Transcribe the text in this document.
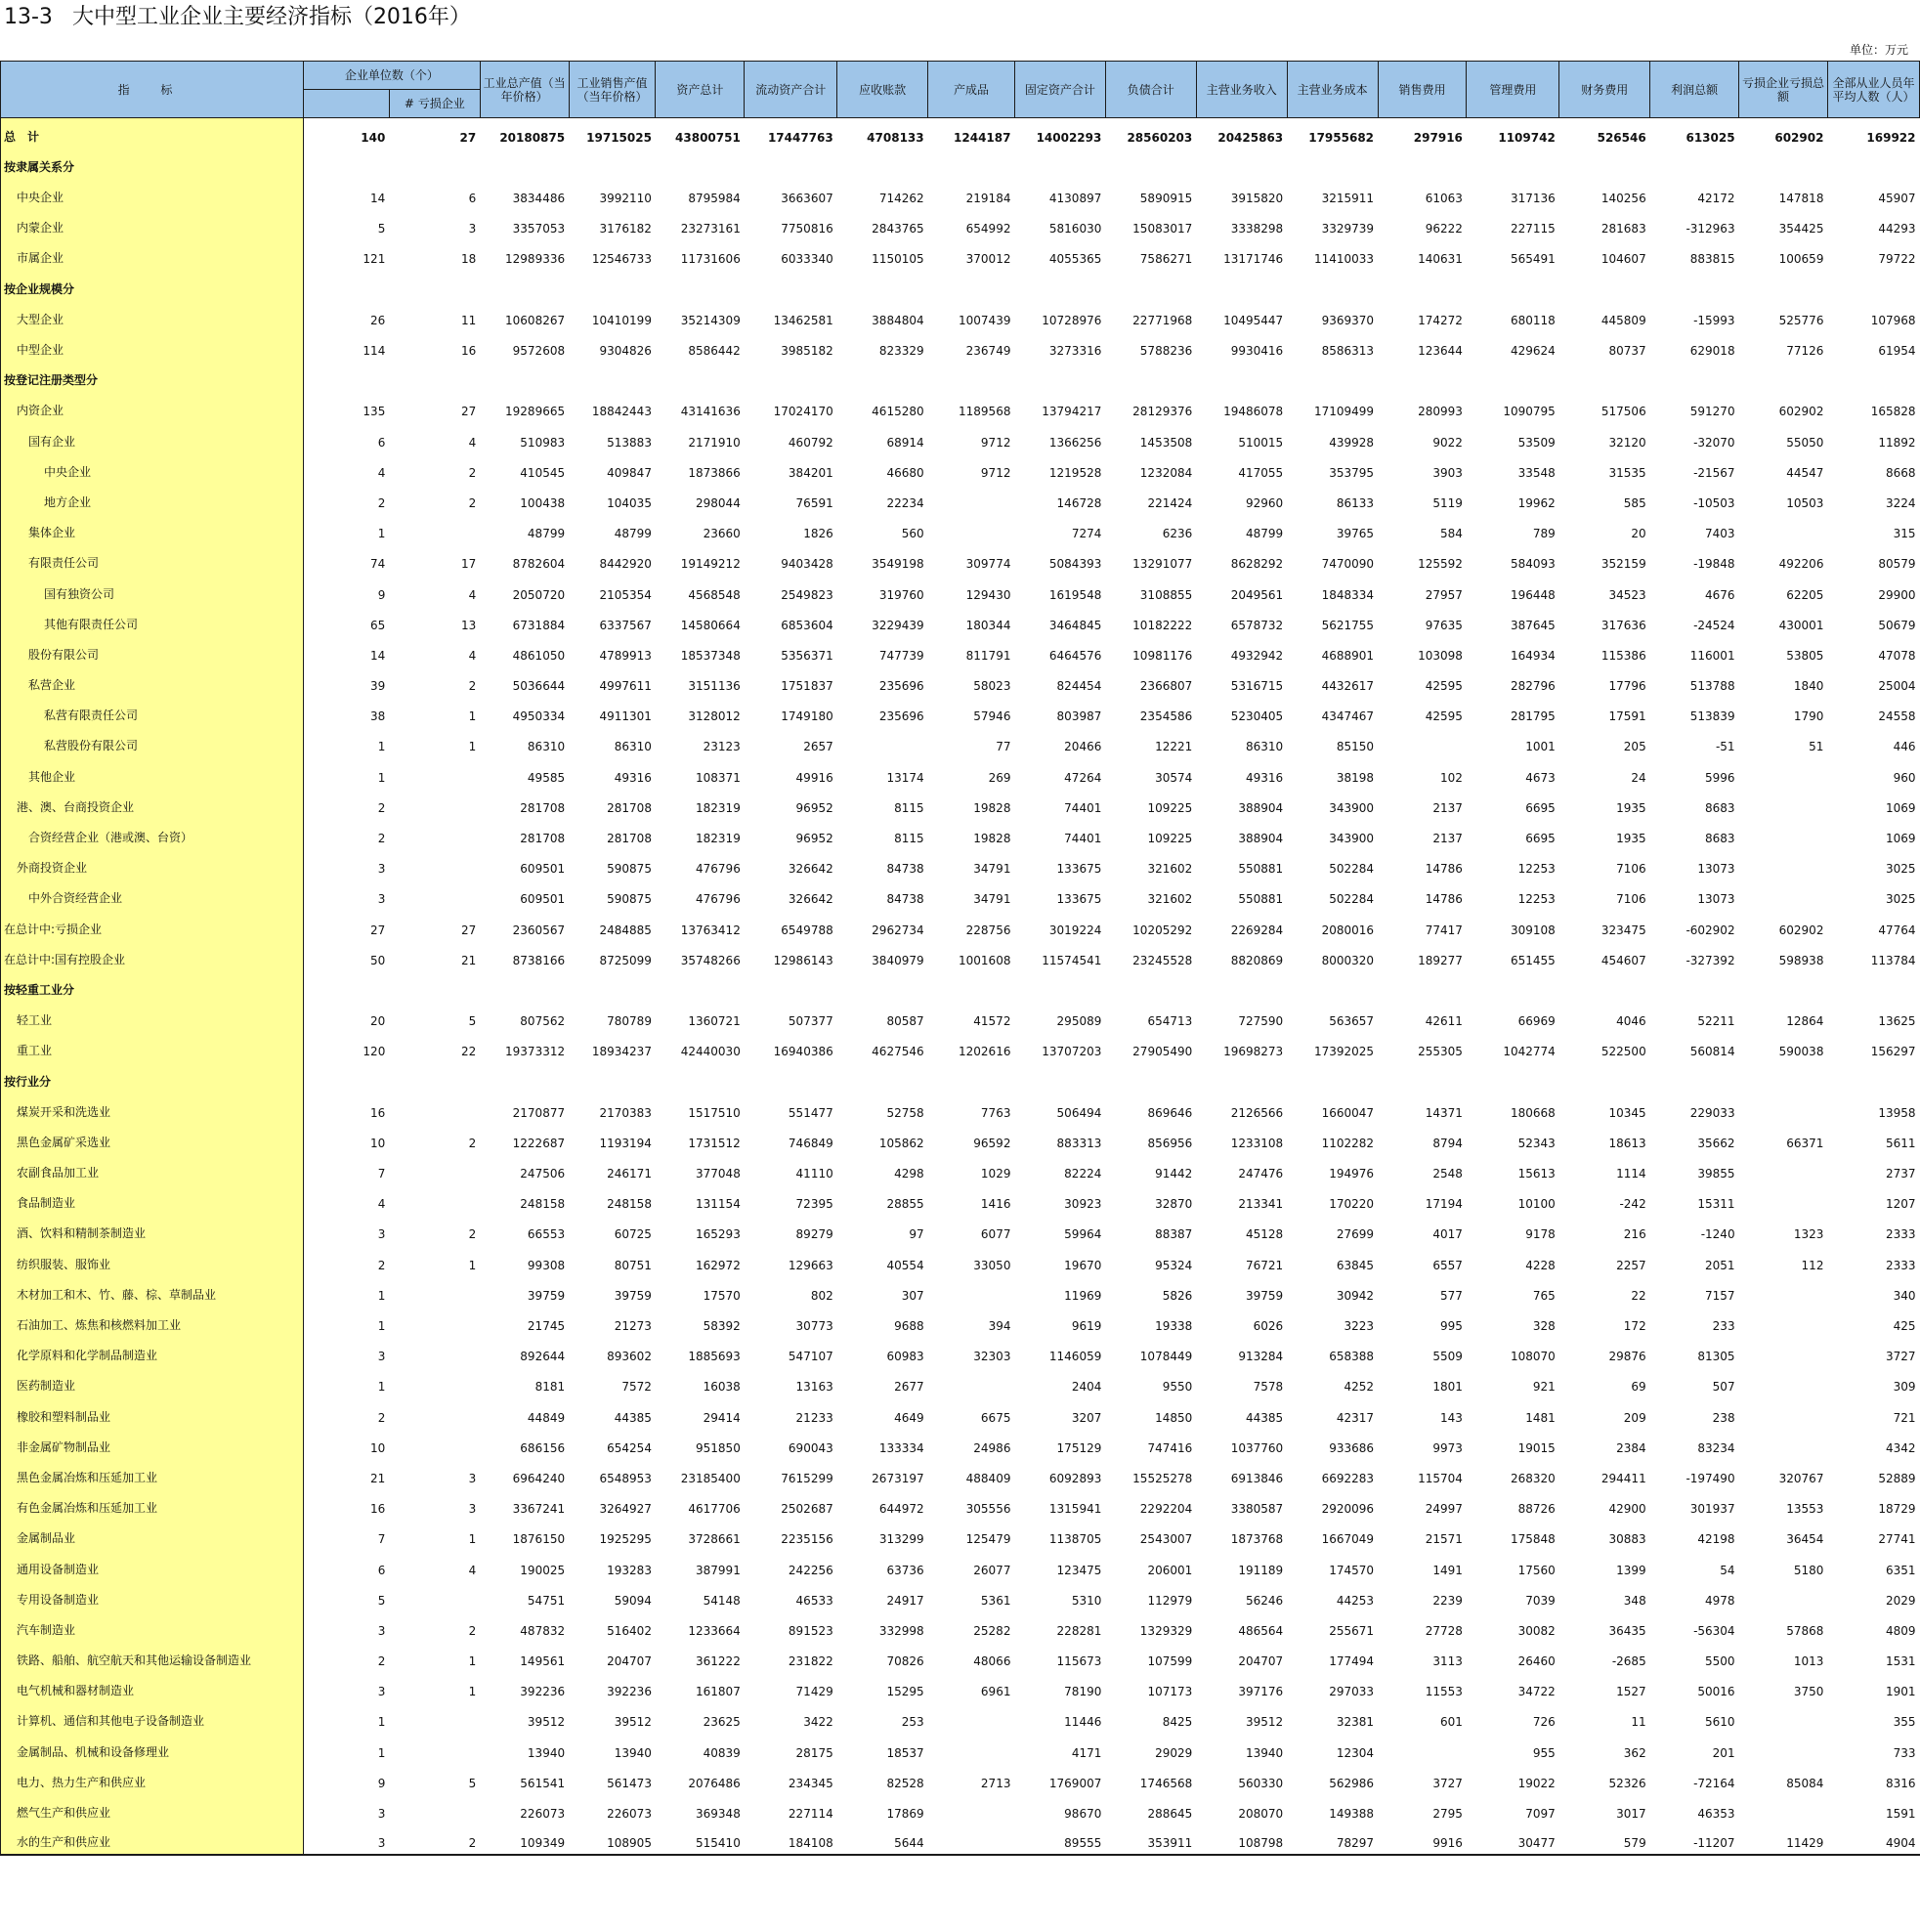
13-3 大中型工业企业主要经济指标（2016年）
单位：万元
指 标	企业单位数（个）		工业总产值（当年价格）	工业销售产值（当年价格）	资产总计	流动资产合计	应收账款	产成品	固定资产合计	负债合计	主营业务收入	主营业务成本	销售费用	管理费用	财务费用	利润总额	亏损企业亏损总额	全部从业人员年平均人数（人）
		# 亏损企业																
总　计	140	27	20180875	19715025	43800751	17447763	4708133	1244187	14002293	28560203	20425863	17955682	297916	1109742	526546	613025	602902	169922
按隶属关系分																		
中央企业	14	6	3834486	3992110	8795984	3663607	714262	219184	4130897	5890915	3915820	3215911	61063	317136	140256	42172	147818	45907
内蒙企业	5	3	3357053	3176182	23273161	7750816	2843765	654992	5816030	15083017	3338298	3329739	96222	227115	281683	-312963	354425	44293
市属企业	121	18	12989336	12546733	11731606	6033340	1150105	370012	4055365	7586271	13171746	11410033	140631	565491	104607	883815	100659	79722
按企业规模分																		
大型企业	26	11	10608267	10410199	35214309	13462581	3884804	1007439	10728976	22771968	10495447	9369370	174272	680118	445809	-15993	525776	107968
中型企业	114	16	9572608	9304826	8586442	3985182	823329	236749	3273316	5788236	9930416	8586313	123644	429624	80737	629018	77126	61954
按登记注册类型分																		
内资企业	135	27	19289665	18842443	43141636	17024170	4615280	1189568	13794217	28129376	19486078	17109499	280993	1090795	517506	591270	602902	165828
国有企业	6	4	510983	513883	2171910	460792	68914	9712	1366256	1453508	510015	439928	9022	53509	32120	-32070	55050	11892
中央企业	4	2	410545	409847	1873866	384201	46680	9712	1219528	1232084	417055	353795	3903	33548	31535	-21567	44547	8668
地方企业	2	2	100438	104035	298044	76591	22234		146728	221424	92960	86133	5119	19962	585	-10503	10503	3224
集体企业	1		48799	48799	23660	1826	560		7274	6236	48799	39765	584	789	20	7403		315
有限责任公司	74	17	8782604	8442920	19149212	9403428	3549198	309774	5084393	13291077	8628292	7470090	125592	584093	352159	-19848	492206	80579
国有独资公司	9	4	2050720	2105354	4568548	2549823	319760	129430	1619548	3108855	2049561	1848334	27957	196448	34523	4676	62205	29900
其他有限责任公司	65	13	6731884	6337567	14580664	6853604	3229439	180344	3464845	10182222	6578732	5621755	97635	387645	317636	-24524	430001	50679
股份有限公司	14	4	4861050	4789913	18537348	5356371	747739	811791	6464576	10981176	4932942	4688901	103098	164934	115386	116001	53805	47078
私营企业	39	2	5036644	4997611	3151136	1751837	235696	58023	824454	2366807	5316715	4432617	42595	282796	17796	513788	1840	25004
私营有限责任公司	38	1	4950334	4911301	3128012	1749180	235696	57946	803987	2354586	5230405	4347467	42595	281795	17591	513839	1790	24558
私营股份有限公司	1	1	86310	86310	23123	2657		77	20466	12221	86310	85150		1001	205	-51	51	446
其他企业	1		49585	49316	108371	49916	13174	269	47264	30574	49316	38198	102	4673	24	5996		960
港、澳、台商投资企业	2		281708	281708	182319	96952	8115	19828	74401	109225	388904	343900	2137	6695	1935	8683		1069
合资经营企业（港或澳、台资）	2		281708	281708	182319	96952	8115	19828	74401	109225	388904	343900	2137	6695	1935	8683		1069
外商投资企业	3		609501	590875	476796	326642	84738	34791	133675	321602	550881	502284	14786	12253	7106	13073		3025
中外合资经营企业	3		609501	590875	476796	326642	84738	34791	133675	321602	550881	502284	14786	12253	7106	13073		3025
在总计中:亏损企业	27	27	2360567	2484885	13763412	6549788	2962734	228756	3019224	10205292	2269284	2080016	77417	309108	323475	-602902	602902	47764
在总计中:国有控股企业	50	21	8738166	8725099	35748266	12986143	3840979	1001608	11574541	23245528	8820869	8000320	189277	651455	454607	-327392	598938	113784
按轻重工业分																		
轻工业	20	5	807562	780789	1360721	507377	80587	41572	295089	654713	727590	563657	42611	66969	4046	52211	12864	13625
重工业	120	22	19373312	18934237	42440030	16940386	4627546	1202616	13707203	27905490	19698273	17392025	255305	1042774	522500	560814	590038	156297
按行业分																		
煤炭开采和洗选业	16		2170877	2170383	1517510	551477	52758	7763	506494	869646	2126566	1660047	14371	180668	10345	229033		13958
黑色金属矿采选业	10	2	1222687	1193194	1731512	746849	105862	96592	883313	856956	1233108	1102282	8794	52343	18613	35662	66371	5611
农副食品加工业	7		247506	246171	377048	41110	4298	1029	82224	91442	247476	194976	2548	15613	1114	39855		2737
食品制造业	4		248158	248158	131154	72395	28855	1416	30923	32870	213341	170220	17194	10100	-242	15311		1207
酒、饮料和精制茶制造业	3	2	66553	60725	165293	89279	97	6077	59964	88387	45128	27699	4017	9178	216	-1240	1323	2333
纺织服装、服饰业	2	1	99308	80751	162972	129663	40554	33050	19670	95324	76721	63845	6557	4228	2257	2051	112	2333
木材加工和木、竹、藤、棕、草制品业	1		39759	39759	17570	802	307		11969	5826	39759	30942	577	765	22	7157		340
石油加工、炼焦和核燃料加工业	1		21745	21273	58392	30773	9688	394	9619	19338	6026	3223	995	328	172	233		425
化学原料和化学制品制造业	3		892644	893602	1885693	547107	60983	32303	1146059	1078449	913284	658388	5509	108070	29876	81305		3727
医药制造业	1		8181	7572	16038	13163	2677		2404	9550	7578	4252	1801	921	69	507		309
橡胶和塑料制品业	2		44849	44385	29414	21233	4649	6675	3207	14850	44385	42317	143	1481	209	238		721
非金属矿物制品业	10		686156	654254	951850	690043	133334	24986	175129	747416	1037760	933686	9973	19015	2384	83234		4342
黑色金属冶炼和压延加工业	21	3	6964240	6548953	23185400	7615299	2673197	488409	6092893	15525278	6913846	6692283	115704	268320	294411	-197490	320767	52889
有色金属冶炼和压延加工业	16	3	3367241	3264927	4617706	2502687	644972	305556	1315941	2292204	3380587	2920096	24997	88726	42900	301937	13553	18729
金属制品业	7	1	1876150	1925295	3728661	2235156	313299	125479	1138705	2543007	1873768	1667049	21571	175848	30883	42198	36454	27741
通用设备制造业	6	4	190025	193283	387991	242256	63736	26077	123475	206001	191189	174570	1491	17560	1399	54	5180	6351
专用设备制造业	5		54751	59094	54148	46533	24917	5361	5310	112979	56246	44253	2239	7039	348	4978		2029
汽车制造业	3	2	487832	516402	1233664	891523	332998	25282	228281	1329329	486564	255671	27728	30082	36435	-56304	57868	4809
铁路、船舶、航空航天和其他运输设备制造业	2	1	149561	204707	361222	231822	70826	48066	115673	107599	204707	177494	3113	26460	-2685	5500	1013	1531
电气机械和器材制造业	3	1	392236	392236	161807	71429	15295	6961	78190	107173	397176	297033	11553	34722	1527	50016	3750	1901
计算机、通信和其他电子设备制造业	1		39512	39512	23625	3422	253		11446	8425	39512	32381	601	726	11	5610		355
金属制品、机械和设备修理业	1		13940	13940	40839	28175	18537		4171	29029	13940	12304		955	362	201		733
电力、热力生产和供应业	9	5	561541	561473	2076486	234345	82528	2713	1769007	1746568	560330	562986	3727	19022	52326	-72164	85084	8316
燃气生产和供应业	3		226073	226073	369348	227114	17869		98670	288645	208070	149388	2795	7097	3017	46353		1591
水的生产和供应业	3	2	109349	108905	515410	184108	5644		89555	353911	108798	78297	9916	30477	579	-11207	11429	4904
